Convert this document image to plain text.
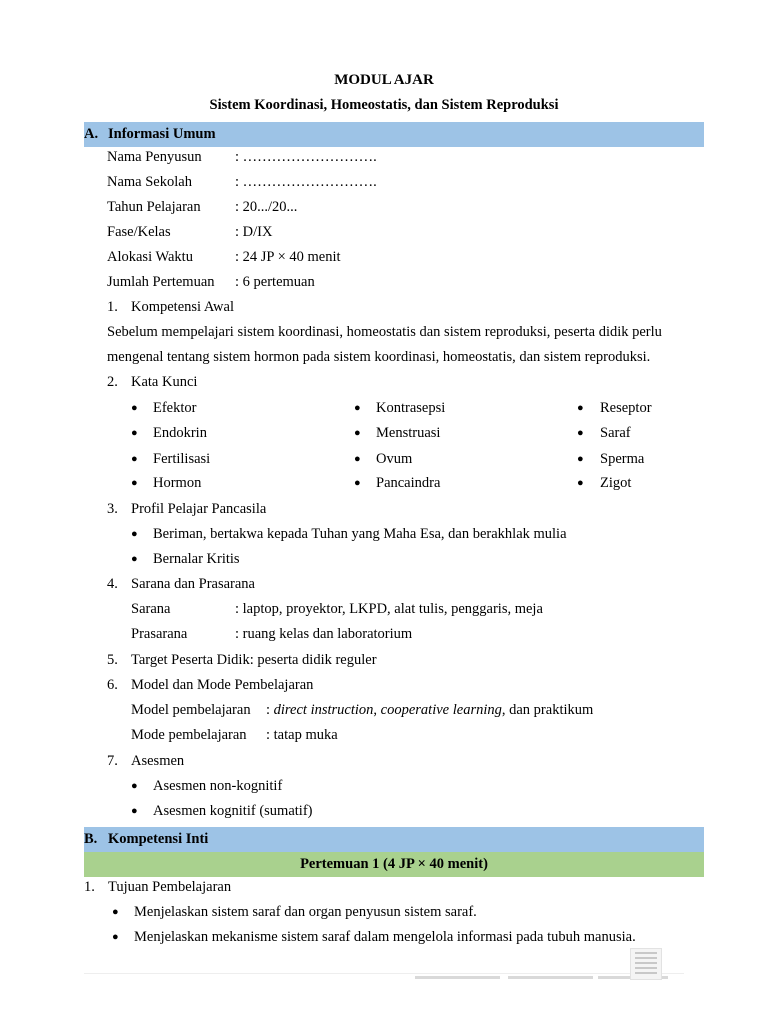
MODUL AJAR
Sistem Koordinasi, Homeostatis, dan Sistem Reproduksi
A. Informasi Umum
Nama Penyusun : ……………………….
Nama Sekolah	: ……………………….
Tahun Pelajaran : 20.../20...
Fase/Kelas	: D/IX
Alokasi Waktu	: 24 JP × 40 menit
Jumlah Pertemuan : 6 pertemuan
1. Kompetensi Awal
Sebelum mempelajari sistem koordinasi, homeostatis dan sistem reproduksi, peserta didik perlu
mengenal tentang sistem hormon pada sistem koordinasi, homeostatis, dan sistem reproduksi.
2. Kata Kunci
● Efektor	● Kontrasepsi	● Reseptor
● Endokrin	● Menstruasi	● Saraf
● Fertilisasi	● Ovum	● Sperma
● Hormon	● Pancaindra	● Zigot
3. Profil Pelajar Pancasila
● Beriman, bertakwa kepada Tuhan yang Maha Esa, dan berakhlak mulia
● Bernalar Kritis
4. Sarana dan Prasarana
Sarana	: laptop, proyektor, LKPD, alat tulis, penggaris, meja
Prasarana	: ruang kelas dan laboratorium
5. Target Peserta Didik: peserta didik reguler
6. Model dan Mode Pembelajaran
Model pembelajaran : direct instruction, cooperative learning, dan praktikum
Mode pembelajaran : tatap muka
7. Asesmen
● Asesmen non-kognitif
● Asesmen kognitif (sumatif)
B. Kompetensi Inti
Pertemuan 1 (4 JP × 40 menit)
1. Tujuan Pembelajaran
● Menjelaskan sistem saraf dan organ penyusun sistem saraf.
● Menjelaskan mekanisme sistem saraf dalam mengelola informasi pada tubuh manusia.
